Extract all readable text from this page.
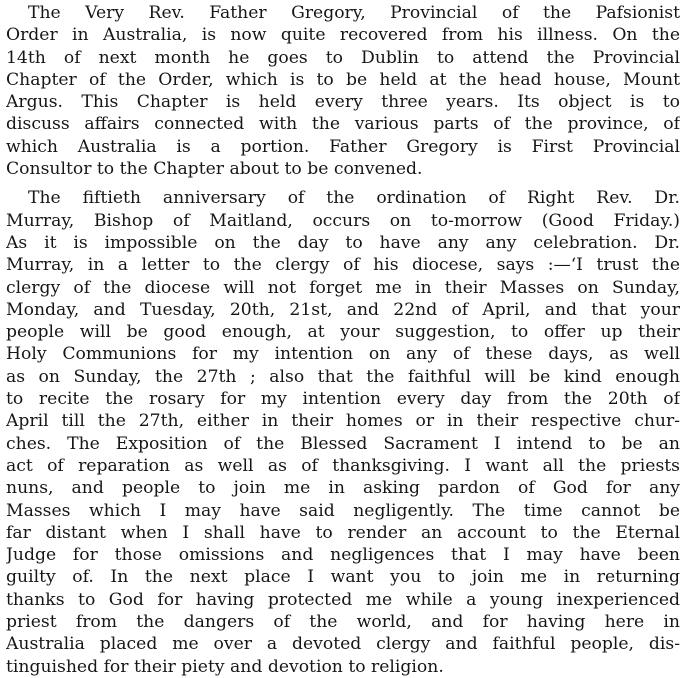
The Very Rev. Father Gregory, Provincial of the Pafsionist
Order in Australia, is now quite recovered from his illness. On the
14th of next month he goes to Dublin to attend the Provincial
Chapter of the Order, which is to be held at the head house, Mount
Argus. This Chapter is held every three years. Its object is to
discuss affairs connected with the various parts of the province, of
which Australia is a portion. Father Gregory is First Provincial
Consultor to the Chapter about to be convened.
The fiftieth anniversary of the ordination of Right Rev. Dr.
Murray, Bishop of Maitland, occurs on to-morrow (Good Friday.)
As it is impossible on the day to have any any celebration. Dr.
Murray, in a letter to the clergy of his diocese, says :—‘I trust the
clergy of the diocese will not forget me in their Masses on Sunday,
Monday, and Tuesday, 20th, 21st, and 22nd of April, and that your
people will be good enough, at your suggestion, to offer up their
Holy Communions for my intention on any of these days, as well
as on Sunday, the 27th ; also that the faithful will be kind enough
to recite the rosary for my intention every day from the 20th of
April till the 27th, either in their homes or in their respective chur-
ches. The Exposition of the Blessed Sacrament I intend to be an
act of reparation as well as of thanksgiving. I want all the priests
nuns, and people to join me in asking pardon of God for any
Masses which I may have said negligently. The time cannot be
far distant when I shall have to render an account to the Eternal
Judge for those omissions and negligences that I may have been
guilty of. In the next place I want you to join me in returning
thanks to God for having protected me while a young inexperienced
priest from the dangers of the world, and for having here in
Australia placed me over a devoted clergy and faithful people, dis-
tinguished for their piety and devotion to religion.
